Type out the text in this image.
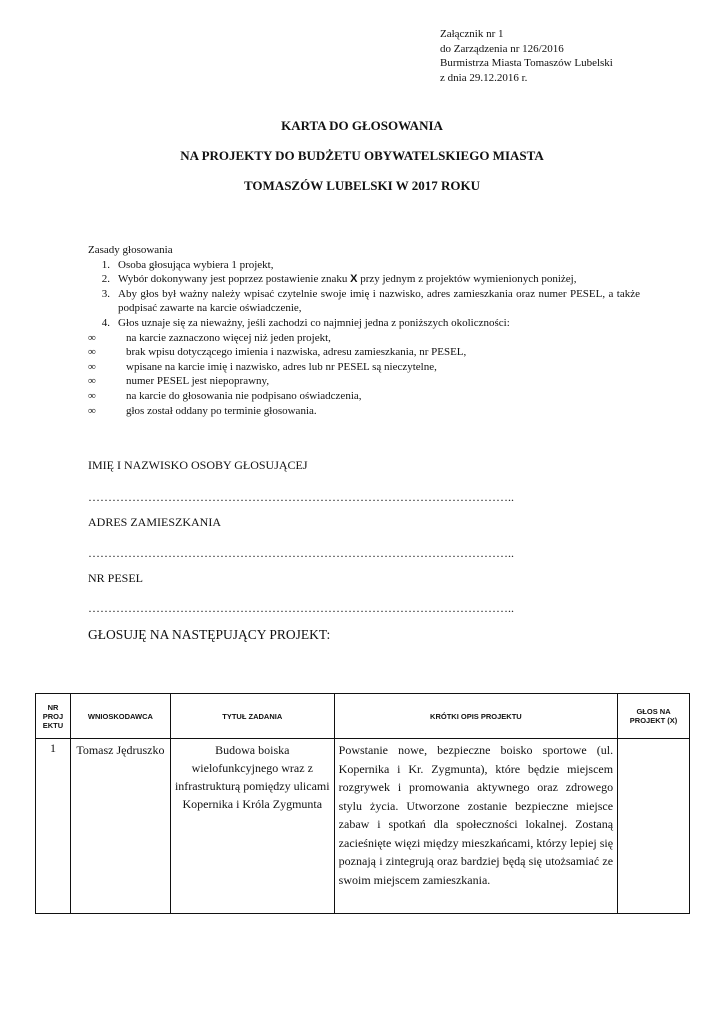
Załącznik nr 1
do Zarządzenia nr 126/2016
Burmistrza Miasta Tomaszów Lubelski
z dnia 29.12.2016 r.
KARTA DO GŁOSOWANIA
NA PROJEKTY DO BUDŻETU OBYWATELSKIEGO MIASTA
TOMASZÓW LUBELSKI W 2017 ROKU
Zasady głosowania
1. Osoba głosująca wybiera 1 projekt,
2. Wybór dokonywany jest poprzez postawienie znaku X przy jednym z projektów wymienionych poniżej,
3. Aby głos był ważny należy wpisać czytelnie swoje imię i nazwisko, adres zamieszkania oraz numer PESEL, a także podpisać zawarte na karcie oświadczenie,
4. Głos uznaje się za nieważny, jeśli zachodzi co najmniej jedna z poniższych okoliczności:
∞	na karcie zaznaczono więcej niż jeden projekt,
∞	brak wpisu dotyczącego imienia i nazwiska, adresu zamieszkania, nr PESEL,
∞	wpisane na karcie imię i nazwisko, adres lub nr PESEL są nieczytelne,
∞	numer PESEL jest niepoprawny,
∞	na karcie do głosowania nie podpisano oświadczenia,
∞	głos został oddany po terminie głosowania.
IMIĘ I NAZWISKO OSOBY GŁOSUJĄCEJ
……………………………………………………………………………………………..
ADRES ZAMIESZKANIA
……………………………………………………………………………………………..
NR PESEL
……………………………………………………………………………………………..
GŁOSUJĘ NA NASTĘPUJĄCY PROJEKT:
NR PROJ EKTU	WNIOSKODAWCA	TYTUŁ ZADANIA	KRÓTKI OPIS PROJEKTU	GŁOS NA PROJEKT (X)
1	Tomasz Jędruszko	Budowa boiska wielofunkcyjnego wraz z infrastrukturą pomiędzy ulicami Kopernika i Króla Zygmunta	Powstanie nowe, bezpieczne boisko sportowe (ul. Kopernika i Kr. Zygmunta), które będzie miejscem rozgrywek i promowania aktywnego oraz zdrowego stylu życia. Utworzone zostanie bezpieczne miejsce zabaw i spotkań dla społeczności lokalnej. Zostaną zacieśnięte więzi między mieszkańcami, którzy lepiej się poznają i zintegrują oraz bardziej będą się utożsamiać ze swoim miejscem zamieszkania.	
